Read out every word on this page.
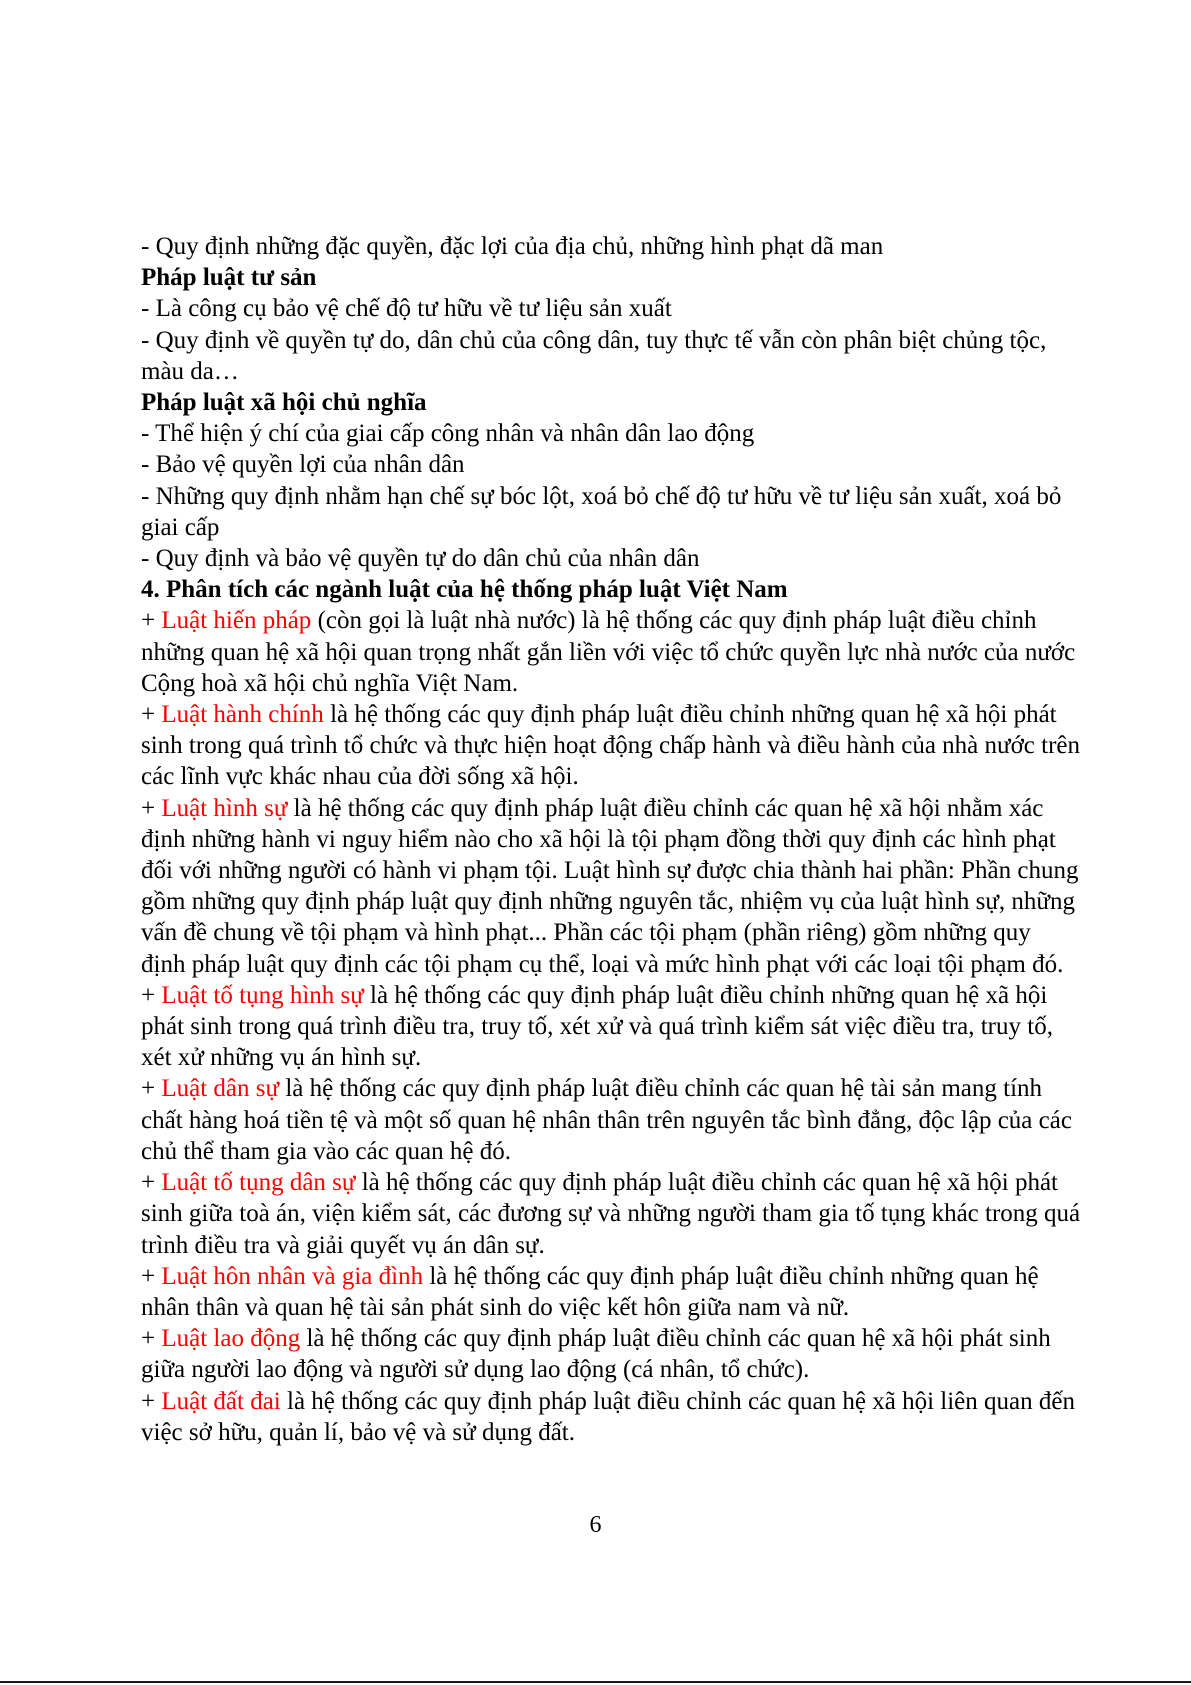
- Quy định những đặc quyền, đặc lợi của địa chủ, những hình phạt dã man

Pháp luật tư sản

- Là công cụ bảo vệ chế độ tư hữu về tư liệu sản xuất

- Quy định về quyền tự do, dân chủ của công dân, tuy thực tế vẫn còn phân biệt chủng tộc, màu da…

Pháp luật xã hội chủ nghĩa

- Thể hiện ý chí của giai cấp công nhân và nhân dân lao động

- Bảo vệ quyền lợi của nhân dân

- Những quy định nhằm hạn chế sự bóc lột, xoá bỏ chế độ tư hữu về tư liệu sản xuất, xoá bỏ giai cấp

- Quy định và bảo vệ quyền tự do dân chủ của nhân dân

4. Phân tích các ngành luật của hệ thống pháp luật Việt Nam

+ Luật hiến pháp (còn gọi là luật nhà nước) là hệ thống các quy định pháp luật điều chỉnh những quan hệ xã hội quan trọng nhất gắn liền với việc tổ chức quyền lực nhà nước của nước Cộng hoà xã hội chủ nghĩa Việt Nam.

+ Luật hành chính là hệ thống các quy định pháp luật điều chỉnh những quan hệ xã hội phát sinh trong quá trình tổ chức và thực hiện hoạt động chấp hành và điều hành của nhà nước trên các lĩnh vực khác nhau của đời sống xã hội.

+ Luật hình sự là hệ thống các quy định pháp luật điều chỉnh các quan hệ xã hội nhằm xác định những hành vi nguy hiểm nào cho xã hội là tội phạm đồng thời quy định các hình phạt đối với những người có hành vi phạm tội. Luật hình sự được chia thành hai phần: Phần chung gồm những quy định pháp luật quy định những nguyên tắc, nhiệm vụ của luật hình sự, những vấn đề chung về tội phạm và hình phạt... Phần các tội phạm (phần riêng) gồm những quy định pháp luật quy định các tội phạm cụ thể, loại và mức hình phạt với các loại tội phạm đó.

+ Luật tố tụng hình sự là hệ thống các quy định pháp luật điều chỉnh những quan hệ xã hội phát sinh trong quá trình điều tra, truy tố, xét xử và quá trình kiểm sát việc điều tra, truy tố, xét xử những vụ án hình sự.

+ Luật dân sự là hệ thống các quy định pháp luật điều chỉnh các quan hệ tài sản mang tính chất hàng hoá tiền tệ và một số quan hệ nhân thân trên nguyên tắc bình đẳng, độc lập của các chủ thể tham gia vào các quan hệ đó.

+ Luật tố tụng dân sự là hệ thống các quy định pháp luật điều chỉnh các quan hệ xã hội phát sinh giữa toà án, viện kiểm sát, các đương sự và những người tham gia tố tụng khác trong quá trình điều tra và giải quyết vụ án dân sự.

+ Luật hôn nhân và gia đình là hệ thống các quy định pháp luật điều chỉnh những quan hệ nhân thân và quan hệ tài sản phát sinh do việc kết hôn giữa nam và nữ.

+ Luật lao động là hệ thống các quy định pháp luật điều chỉnh các quan hệ xã hội phát sinh giữa người lao động và người sử dụng lao động (cá nhân, tổ chức).

+ Luật đất đai là hệ thống các quy định pháp luật điều chỉnh các quan hệ xã hội liên quan đến việc sở hữu, quản lí, bảo vệ và sử dụng đất.

6
